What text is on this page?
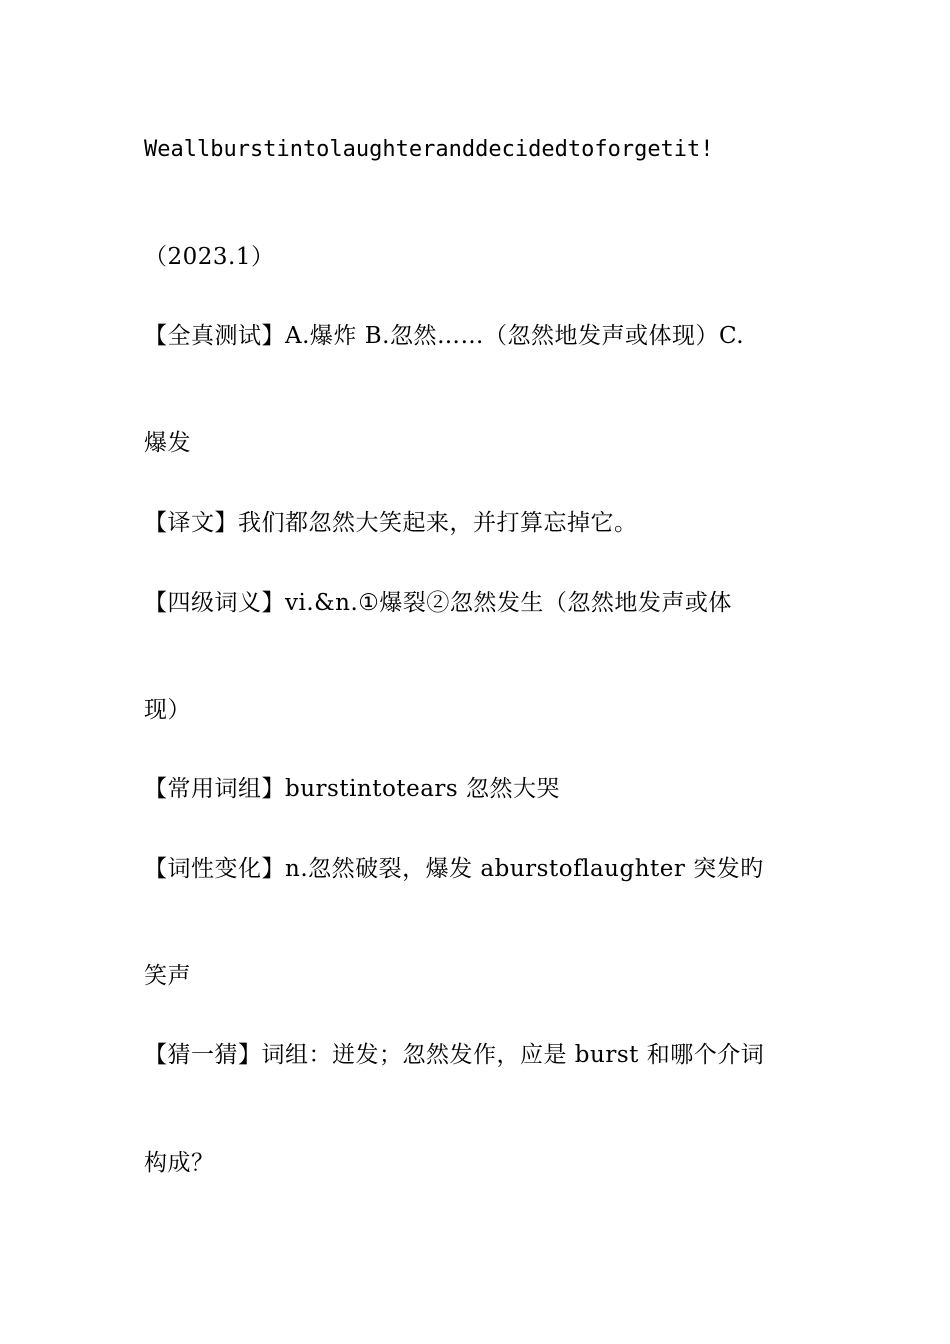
Weallburstintolaughteranddecidedtoforgetit!
（2023.1）
【全真测试】A.爆炸 B.忽然……（忽然地发声或体现）C.
爆发
【译文】我们都忽然大笑起来，并打算忘掉它。
【四级词义】vi.&n.①爆裂②忽然发生（忽然地发声或体
现）
【常用词组】burstintotears 忽然大哭
【词性变化】n.忽然破裂，爆发 aburstoflaughter 突发旳
笑声
【猜一猜】词组：迸发；忽然发作，应是 burst 和哪个介词
构成？
